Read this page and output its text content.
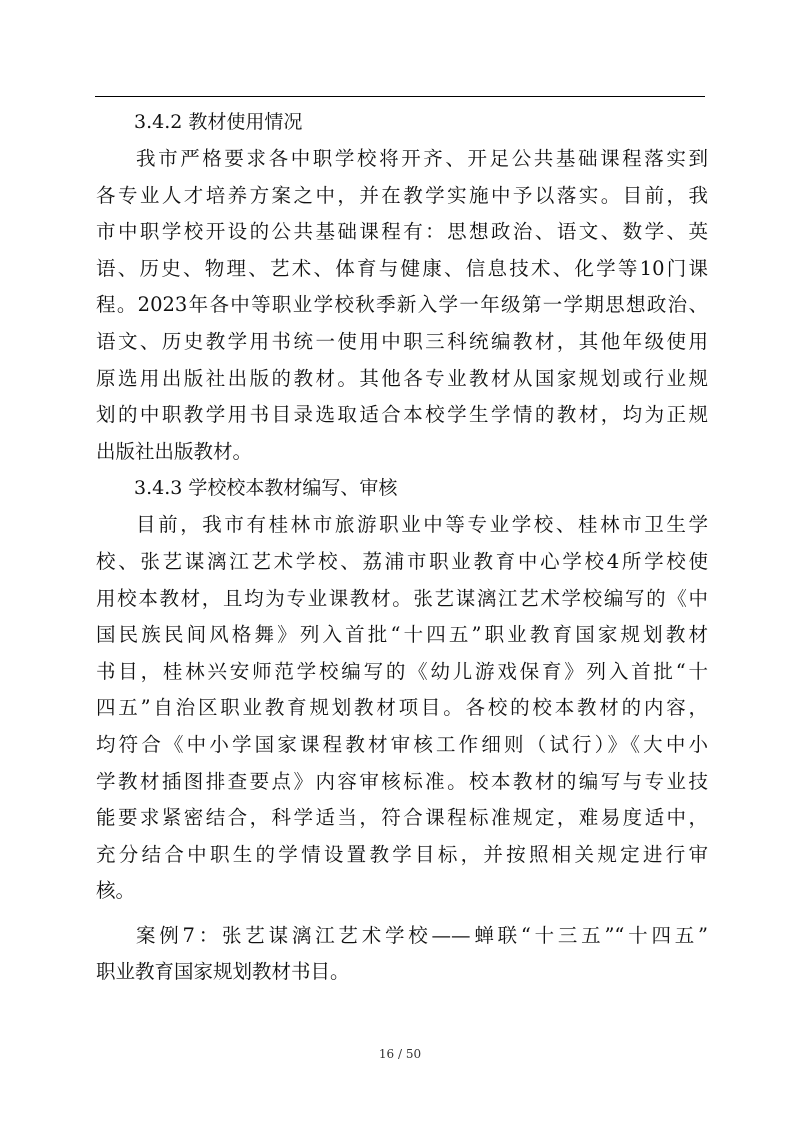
3.4.2 教材使用情况

我市严格要求各中职学校将开齐、开足公共基础课程落实到
各专业人才培养方案之中，并在教学实施中予以落实。目前，我
市中职学校开设的公共基础课程有：思想政治、语文、数学、英
语、历史、物理、艺术、体育与健康、信息技术、化学等10门课
程。2023年各中等职业学校秋季新入学一年级第一学期思想政治、
语文、历史教学用书统一使用中职三科统编教材，其他年级使用
原选用出版社出版的教材。其他各专业教材从国家规划或行业规
划的中职教学用书目录选取适合本校学生学情的教材，均为正规
出版社出版教材。

3.4.3 学校校本教材编写、审核

目前，我市有桂林市旅游职业中等专业学校、桂林市卫生学
校、张艺谋漓江艺术学校、荔浦市职业教育中心学校4所学校使
用校本教材，且均为专业课教材。张艺谋漓江艺术学校编写的《中
国民族民间风格舞》列入首批“十四五”职业教育国家规划教材
书目，桂林兴安师范学校编写的《幼儿游戏保育》列入首批“十
四五”自治区职业教育规划教材项目。各校的校本教材的内容，
均符合《中小学国家课程教材审核工作细则（试行）》《大中小
学教材插图排查要点》内容审核标准。校本教材的编写与专业技
能要求紧密结合，科学适当，符合课程标准规定，难易度适中，
充分结合中职生的学情设置教学目标，并按照相关规定进行审
核。
案例7：张艺谋漓江艺术学校——蝉联“十三五”“十四五”
职业教育国家规划教材书目。
16 / 50
